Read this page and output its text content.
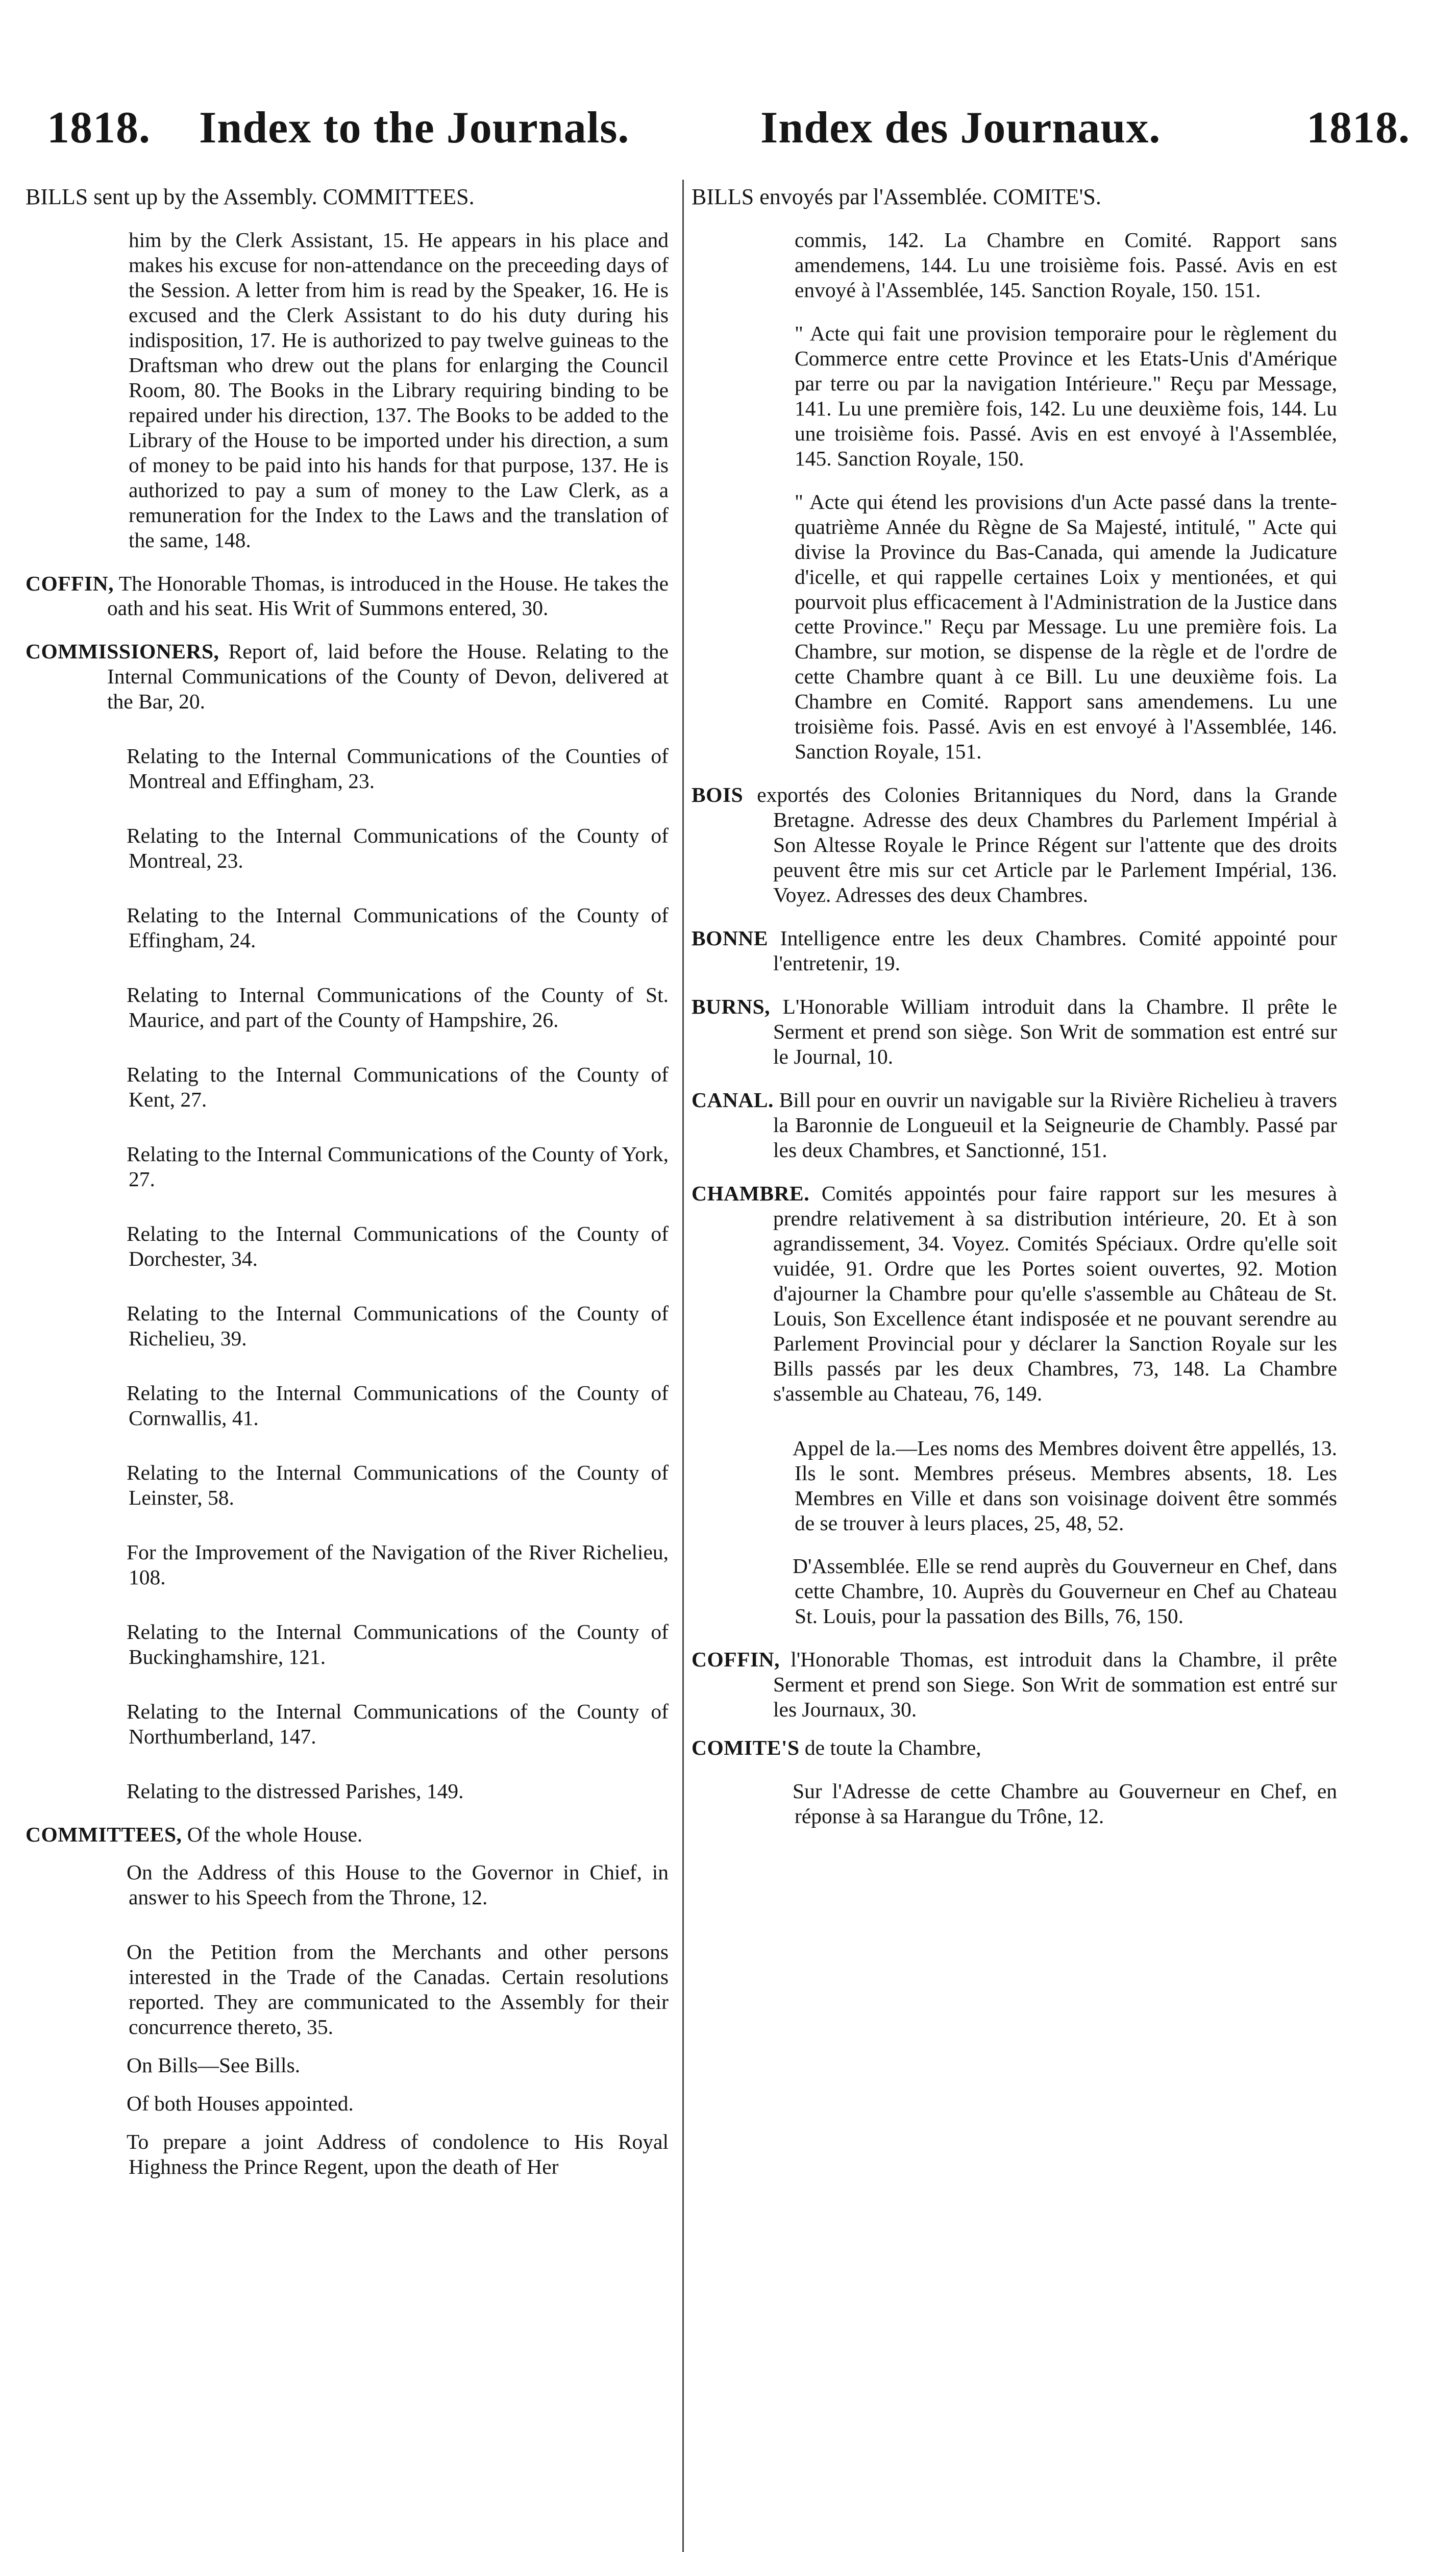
1818. Index to the Journals.	Index des Journaux.	1818.
BILLS sent up by the Assembly. COMMITTEES.

him by the Clerk Assistant, 15. He appears in his place and makes his excuse for non-attendance on the preceeding days of the Session. A letter from him is read by the Speaker, 16. He is excused and the Clerk Assistant to do his duty during his indisposition, 17. He is authorized to pay twelve guineas to the Draftsman who drew out the plans for enlarging the Council Room, 80. The Books in the Library requiring binding to be repaired under his direction, 137. The Books to be added to the Library of the House to be imported under his direction, a sum of money to be paid into his hands for that purpose, 137. He is authorized to pay a sum of money to the Law Clerk, as a remuneration for the Index to the Laws and the translation of the same, 148.

COFFIN, The Honorable Thomas, is introduced in the House. He takes the oath and his seat. His Writ of Summons entered, 30.

COMMISSIONERS, Report of, laid before the House. Relating to the Internal Communications of the County of Devon, delivered at the Bar, 20.

Relating to the Internal Communications of the Counties of Montreal and Effingham, 23.

Relating to the Internal Communications of the County of Montreal, 23.

Relating to the Internal Communications of the County of Effingham, 24.

Relating to Internal Communications of the County of St. Maurice, and part of the County of Hampshire, 26.

Relating to the Internal Communications of the County of Kent, 27.

Relating to the Internal Communications of the County of York, 27.

Relating to the Internal Communications of the County of Dorchester, 34.

Relating to the Internal Communications of the County of Richelieu, 39.

Relating to the Internal Communications of the County of Cornwallis, 41.

Relating to the Internal Communications of the County of Leinster, 58.

For the Improvement of the Navigation of the River Richelieu, 108.

Relating to the Internal Communications of the County of Buckinghamshire, 121.

Relating to the Internal Communications of the County of Northumberland, 147.

Relating to the distressed Parishes, 149.

COMMITTEES, Of the whole House.

On the Address of this House to the Governor in Chief, in answer to his Speech from the Throne, 12.

On the Petition from the Merchants and other persons interested in the Trade of the Canadas. Certain resolutions reported. They are communicated to the Assembly for their concurrence thereto, 35.

On Bills—See Bills.

Of both Houses appointed.

To prepare a joint Address of condolence to His Royal Highness the Prince Regent, upon the death of Her

BILLS envoyés par l'Assemblée. COMITE'S.

commis, 142. La Chambre en Comité. Rapport sans amendemens, 144. Lu une troisième fois. Passé. Avis en est envoyé à l'Assemblée, 145. Sanction Royale, 150. 151.

" Acte qui fait une provision temporaire pour le règlement du Commerce entre cette Province et les Etats-Unis d'Amérique par terre ou par la navigation Intérieure." Reçu par Message, 141. Lu une première fois, 142. Lu une deuxième fois, 144. Lu une troisième fois. Passé. Avis en est envoyé à l'Assemblée, 145. Sanction Royale, 150.

" Acte qui étend les provisions d'un Acte passé dans la trente-quatrième Année du Règne de Sa Majesté, intitulé, " Acte qui divise la Province du Bas-Canada, qui amende la Judicature d'icelle, et qui rappelle certaines Loix y mentionées, et qui pourvoit plus efficacement à l'Administration de la Justice dans cette Province." Reçu par Message. Lu une première fois. La Chambre, sur motion, se dispense de la règle et de l'ordre de cette Chambre quant à ce Bill. Lu une deuxième fois. La Chambre en Comité. Rapport sans amendemens. Lu une troisième fois. Passé. Avis en est envoyé à l'Assemblée, 146. Sanction Royale, 151.

BOIS exportés des Colonies Britanniques du Nord, dans la Grande Bretagne. Adresse des deux Chambres du Parlement Impérial à Son Altesse Royale le Prince Régent sur l'attente que des droits peuvent être mis sur cet Article par le Parlement Impérial, 136. Voyez. Adresses des deux Chambres.

BONNE Intelligence entre les deux Chambres. Comité appointé pour l'entretenir, 19.

BURNS, L'Honorable William introduit dans la Chambre. Il prête le Serment et prend son siège. Son Writ de sommation est entré sur le Journal, 10.

CANAL. Bill pour en ouvrir un navigable sur la Rivière Richelieu à travers la Baronnie de Longueuil et la Seigneurie de Chambly. Passé par les deux Chambres, et Sanctionné, 151.

CHAMBRE. Comités appointés pour faire rapport sur les mesures à prendre relativement à sa distribution intérieure, 20. Et à son agrandissement, 34. Voyez. Comités Spéciaux. Ordre qu'elle soit vuidée, 91. Ordre que les Portes soient ouvertes, 92. Motion d'ajourner la Chambre pour qu'elle s'assemble au Château de St. Louis, Son Excellence étant indisposée et ne pouvant serendre au Parlement Provincial pour y déclarer la Sanction Royale sur les Bills passés par les deux Chambres, 73, 148. La Chambre s'assemble au Chateau, 76, 149.

Appel de la.—Les noms des Membres doivent être appellés, 13. Ils le sont. Membres préseus. Membres absents, 18. Les Membres en Ville et dans son voisinage doivent être sommés de se trouver à leurs places, 25, 48, 52.

D'Assemblée. Elle se rend auprès du Gouverneur en Chef, dans cette Chambre, 10. Auprès du Gouverneur en Chef au Chateau St. Louis, pour la passation des Bills, 76, 150.

COFFIN, l'Honorable Thomas, est introduit dans la Chambre, il prête Serment et prend son Siege. Son Writ de sommation est entré sur les Journaux, 30.

COMITE'S de toute la Chambre,

Sur l'Adresse de cette Chambre au Gouverneur en Chef, en réponse à sa Harangue du Trône, 12.
